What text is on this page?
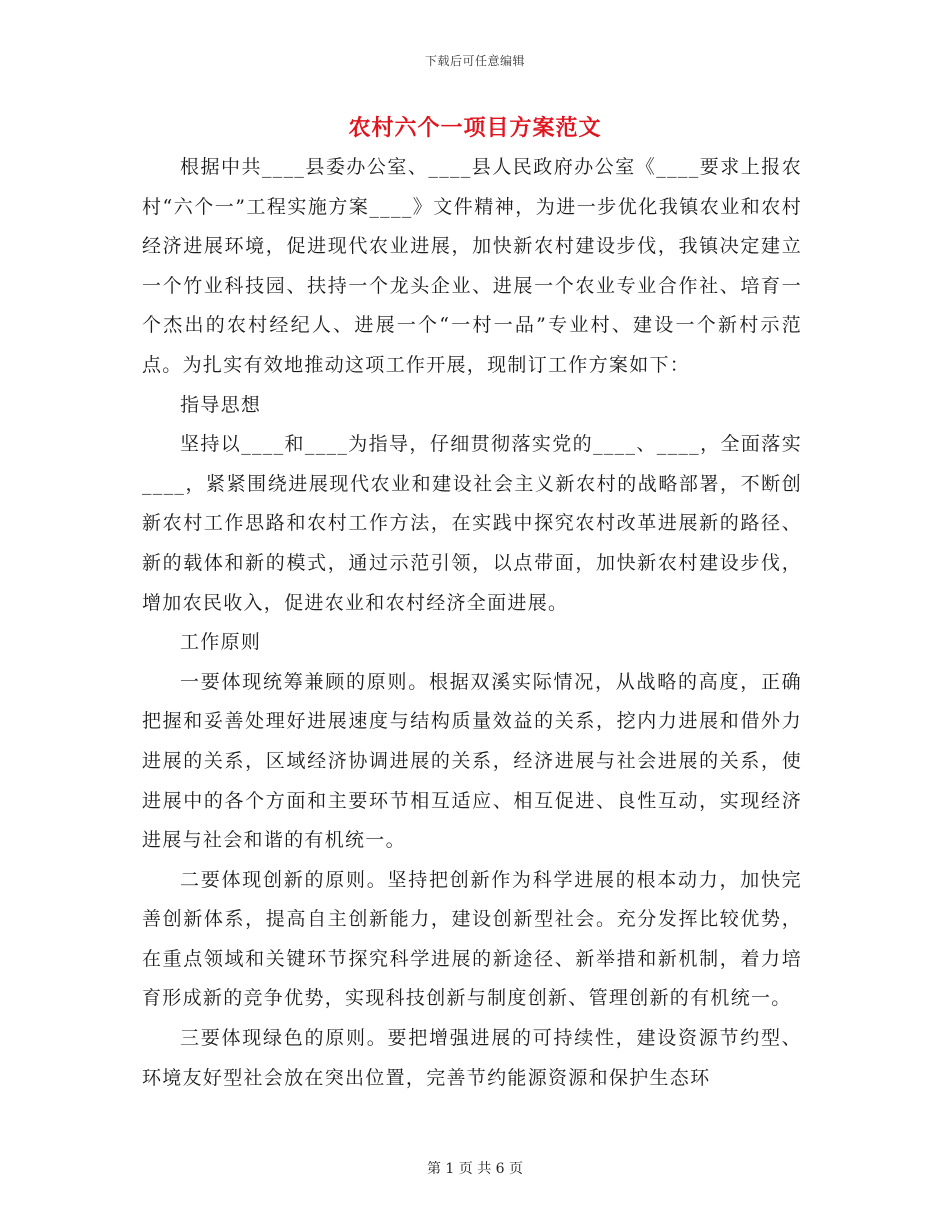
下载后可任意编辑
农村六个一项目方案范文

根据中共____县委办公室、____县人民政府办公室《____要求上报农村“六个一”工程实施方案____》文件精神，为进一步优化我镇农业和农村经济进展环境，促进现代农业进展，加快新农村建设步伐，我镇决定建立一个竹业科技园、扶持一个龙头企业、进展一个农业专业合作社、培育一个杰出的农村经纪人、进展一个“一村一品”专业村、建设一个新村示范点。为扎实有效地推动这项工作开展，现制订工作方案如下：

指导思想

坚持以____和____为指导，仔细贯彻落实党的____、____，全面落实____，紧紧围绕进展现代农业和建设社会主义新农村的战略部署，不断创新农村工作思路和农村工作方法，在实践中探究农村改革进展新的路径、新的载体和新的模式，通过示范引领，以点带面，加快新农村建设步伐，增加农民收入，促进农业和农村经济全面进展。

工作原则

一要体现统筹兼顾的原则。根据双溪实际情况，从战略的高度，正确把握和妥善处理好进展速度与结构质量效益的关系，挖内力进展和借外力进展的关系，区域经济协调进展的关系，经济进展与社会进展的关系，使进展中的各个方面和主要环节相互适应、相互促进、良性互动，实现经济进展与社会和谐的有机统一。

二要体现创新的原则。坚持把创新作为科学进展的根本动力，加快完善创新体系，提高自主创新能力，建设创新型社会。充分发挥比较优势，在重点领域和关键环节探究科学进展的新途径、新举措和新机制，着力培育形成新的竞争优势，实现科技创新与制度创新、管理创新的有机统一。

三要体现绿色的原则。要把增强进展的可持续性，建设资源节约型、环境友好型社会放在突出位置，完善节约能源资源和保护生态环

第 1 页 共 6 页
